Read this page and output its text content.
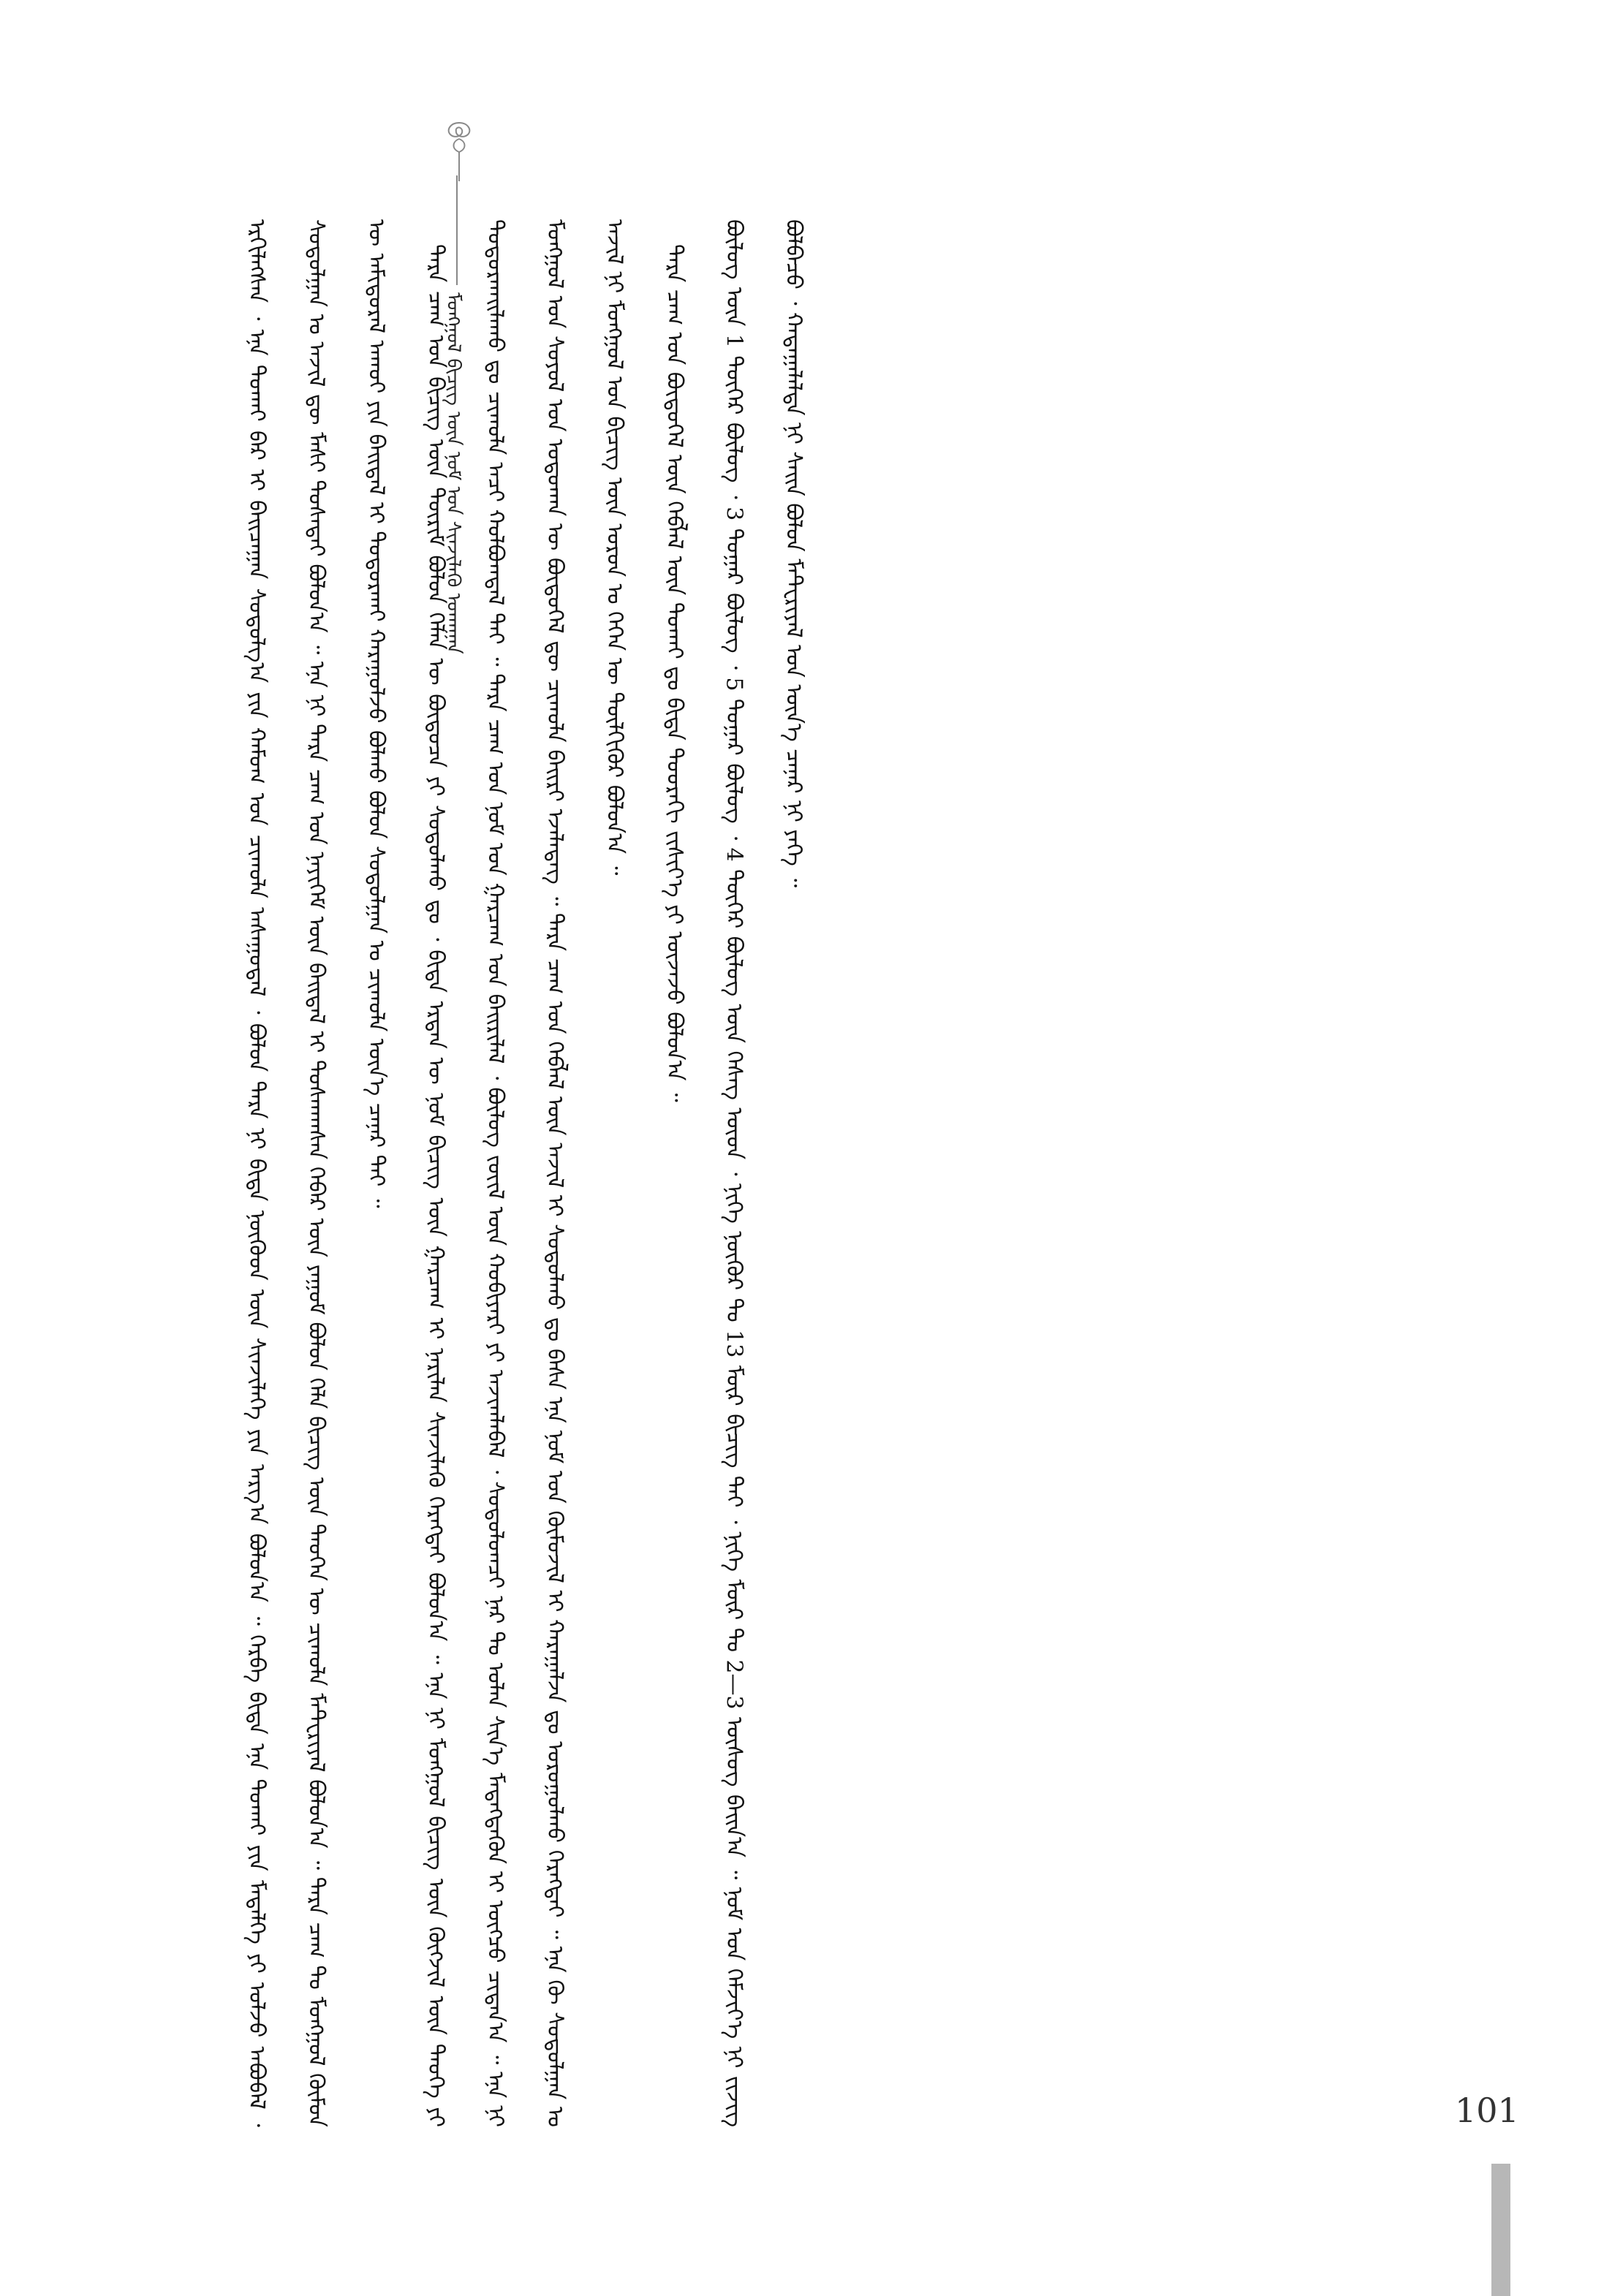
ᠮᠣᠩᠭᠣᠯ ᠪᠢᠴᠢᠭ ᠦᠨ ᠨᠣᠮ ᠤᠨ ᠰᠢᠨᠵᠢᠯᠡᠬᠦ ᠤᠬᠠᠭᠠᠨ

ᠡᠷᠬᠢᠯᠡᠭᠰᠡᠨ ᠂ ᠡᠨᠡ ᠲᠤᠬᠠᠢ ᠪᠠᠷ ᠢ ᠪᠠᠢᠴᠠᠭᠠᠨ ᠰᠤᠳᠤᠯᠭ᠎ᠠ ᠶᠢᠨ ᠬᠠᠮᠤᠭ ᠤᠨ ᠴᠢᠬᠤᠯᠠ ᠠᠰᠠᠭᠤᠳᠠᠯ ᠂ ᠪᠣᠯᠤᠨ ᠲᠡᠷᠡ ᠨᠢ ᠪᠢᠳᠡ ᠨᠦᠭᠦᠳ ᠦᠨ ᠰᠢᠨᠵᠢᠯᠡᠭᠡ ᠶᠢᠨ ᠠᠷᠭ᠎ᠠ ᠪᠣᠯᠤᠨ᠎ᠠ ᠃ ᠬᠡᠷᠪᠡ ᠪᠢᠳᠡ ᠡᠨᠡ ᠲᠤᠬᠠᠢ ᠶᠢᠨ ᠮᠡᠳᠡᠯᠭᠡ ᠶᠢ ᠣᠯᠵᠤ ᠠᠪᠤᠪᠠᠯ ᠂ ᠰᠤᠳᠤᠯᠭᠠᠨ ᠤ ᠠᠵᠢᠯ ᠳᠦ ᠮᠠᠰᠢ ᠲᠤᠰᠠᠲᠠᠢ ᠪᠣᠯᠤᠨ᠎ᠠ ᠃ ᠡᠨᠡ ᠨᠢ ᠲᠡᠷᠡ ᠴᠠᠭ ᠤᠨ ᠨᠡᠶᠢᠭᠡᠮ ᠦᠨ ᠪᠠᠢᠳᠠᠯ ᠢ ᠲᠤᠰᠬᠠᠭᠰᠠᠨ ᠬᠡᠪᠡᠷ ᠦᠨ ᠶᠠᠭᠤᠮ ᠪᠣᠯᠤᠨ ᠬᠡᠯᠡ ᠪᠢᠴᠢᠭ ᠦᠨ ᠲᠡᠦᠬᠡᠨ ᠦ ᠴᠢᠬᠤᠯᠠ ᠮᠠᠲ᠋ᠧᠷᠢᠶᠠᠯ ᠪᠣᠯᠤᠨ᠎ᠠ ᠃ ᠲᠡᠷᠡ ᠴᠠᠭ ᠲᠤ ᠮᠣᠩᠭᠣᠯ ᠬᠦᠮᠦᠨ ᠦ ᠠᠮᠢᠳᠤᠷᠠᠯ ᠠᠬᠤᠢ ᠶᠢᠨ ᠪᠠᠢᠳᠠᠯ ᠢ ᠲᠣᠳᠤᠷᠬᠠᠢ ᠬᠠᠷᠠᠭᠤᠯᠵᠤ ᠪᠣᠯᠬᠤ ᠪᠣᠯᠤᠨ ᠰᠤᠳᠤᠯᠭᠠᠨ ᠤ ᠴᠢᠬᠤᠯᠠ ᠦᠨ᠎ᠡ ᠴᠡᠨᠡᠷ ᠲᠡᠢ ᠃	ᠲᠡᠷᠡ ᠴᠠᠭ ᠤᠨ ᠪᠢᠴᠢᠭ ᠦᠨ ᠳᠦᠷᠢᠮ ᠪᠣᠯᠤᠨ ᠬᠡᠯᠡᠨ ᠦ ᠪᠦᠲᠦᠴᠡ ᠶᠢ ᠰᠤᠳᠤᠯᠬᠤ ᠳᠤ ᠂ ᠪᠢᠳᠡ ᠡᠷᠲᠡᠨ ᠦ ᠨᠣᠮ ᠪᠢᠴᠢᠭ ᠦᠨ ᠭᠠᠷᠴᠠᠭ ᠢ ᠨᠠᠷᠢᠯᠠᠨ ᠰᠢᠨᠵᠢᠯᠡᠬᠦ ᠬᠡᠷᠡᠭᠲᠡᠢ ᠪᠣᠯᠤᠨ᠎ᠠ ᠃ ᠡᠨᠡ ᠨᠢ ᠮᠣᠩᠭᠣᠯ ᠪᠢᠴᠢᠭ ᠦᠨ ᠬᠥᠭᠵᠢᠯ ᠦᠨ ᠲᠡᠦᠬᠡ ᠶᠢ ᠲᠣᠳᠤᠷᠬᠠᠢᠯᠠᠬᠤ ᠳᠤ ᠴᠢᠬᠤᠯᠠ ᠠᠴᠢ ᠬᠣᠯᠪᠣᠭᠳᠠᠯ ᠲᠠᠢ ᠃ ᠲᠡᠷᠡ ᠴᠠᠭ ᠤᠨ ᠨᠣᠮ ᠤᠨ ᠭᠠᠷᠴᠠᠭ ᠤᠨ ᠪᠠᠢᠷᠢᠯᠠᠯ ᠂ ᠪᠦᠯᠦᠭ ᠵᠦᠢᠯ ᠦᠨ ᠬᠤᠪᠢᠶᠠᠷᠢ ᠶᠢ ᠠᠵᠢᠭᠯᠠᠪᠠᠯ ᠂ ᠰᠤᠳᠤᠯᠤᠭᠴᠢ ᠨᠠᠷ ᠲᠤ ᠣᠯᠠᠨ ᠰᠢᠨ᠎ᠡ ᠮᠡᠳᠡᠭᠳᠡᠬᠦᠨ ᠢ ᠥᠭᠴᠦ ᠴᠢᠳᠠᠨ᠎ᠠ ᠃ ᠡᠨᠡ ᠨᠢ ᠮᠣᠩᠭᠣᠯ ᠤᠨ ᠰᠣᠶᠣᠯ ᠤᠨ ᠣᠳᠣᠬᠠᠨ ᠦ ᠪᠦᠲᠦᠭᠡᠯ ᠳᠦ ᠴᠢᠬᠤᠯᠠ ᠪᠠᠢᠷᠢ ᠡᠵᠡᠯᠡᠳᠡᠭ ᠃ ᠲᠡᠷᠡ ᠴᠠᠭ ᠤᠨ ᠬᠡᠪᠯᠡᠯ ᠦᠨ ᠠᠵᠢᠯ ᠢ ᠰᠤᠳᠤᠯᠬᠤ ᠳᠤ ᠪᠠᠰᠠ ᠡᠨᠡ ᠨᠣᠮ ᠤᠨ ᠬᠦᠮᠦᠵᠢᠯ ᠢ ᠬᠠᠷᠠᠭᠠᠯᠵᠠ ᠳᠤ ᠣᠷᠤᠭᠤᠯᠬᠤ ᠬᠡᠷᠡᠭᠲᠡᠢ ᠃ ᠡᠨᠡ ᠬᠦ ᠰᠤᠳᠤᠯᠭᠠᠨ ᠤ ᠠᠵᠢᠯ ᠨᠢ ᠮᠣᠩᠭᠣᠯ ᠤᠨ ᠪᠢᠴᠢᠭ ᠦᠨ ᠣᠷᠤᠨ ᠤ ᠭᠡᠭᠡᠨ ᠦ ᠲᠦᠯᠬᠢᠭᠦᠷ ᠪᠣᠯᠤᠨ᠎ᠠ ᠃	ᠲᠡᠷᠡ ᠴᠠᠭ ᠤᠨ ᠪᠦᠲᠦᠭᠡᠯ ᠦᠨ ᠬᠡᠪᠯᠡᠯ ᠦᠨ ᠲᠣᠬᠠᠢ ᠳᠤ ᠪᠢᠳᠡ ᠳᠣᠣᠷᠠᠬᠢ ᠵᠢᠱᠢᠶ᠎ᠡ ᠶᠢ ᠦᠵᠡᠵᠦ ᠪᠣᠯᠤᠨ᠎ᠠ ᠃	ᠪᠦᠯᠦᠭ ᠦᠨ 1 ᠳᠦᠭᠡᠷ ᠪᠦᠯᠦᠭ ᠂ 3 ᠳᠤᠭᠠᠷ ᠪᠦᠯᠦᠭ ᠂ 5 ᠳᠤᠭᠠᠷ ᠪᠦᠯᠦᠭ ᠂ 4 ᠳᠦᠭᠡᠷ ᠪᠦᠯᠦᠭ ᠦᠨ ᠬᠡᠰᠡᠭ ᠦᠳ ᠂ ᠨᠢᠭᠡ ᠨᠦᠭᠦᠷ ᠲᠤ 13 ᠮᠥᠷ ᠪᠢᠴᠢᠭ ᠲᠡᠢ ᠂ ᠨᠢᠭᠡ ᠮᠥᠷ ᠲᠤ 2—3 ᠦᠰᠦᠭ ᠪᠠᠢᠨ᠎ᠠ ᠃ ᠨᠣᠮ ᠤᠨ ᠬᠡᠮᠵᠢᠶ᠎ᠡ ᠨᠢ ᠵᠢᠵᠢᠭ ᠪᠣᠯᠪᠠᠴᠤ ᠂ ᠬᠠᠳᠠᠭᠠᠯᠠᠯᠲᠠ ᠨᠢ ᠰᠠᠢᠨ ᠪᠣᠯᠤᠨ ᠮᠠᠲ᠋ᠧᠷᠢᠶᠠᠯ ᠤᠨ ᠦᠨ᠎ᠡ ᠴᠡᠨᠡᠷ ᠨᠢ ᠶᠡᠬᠡ ᠃

101
